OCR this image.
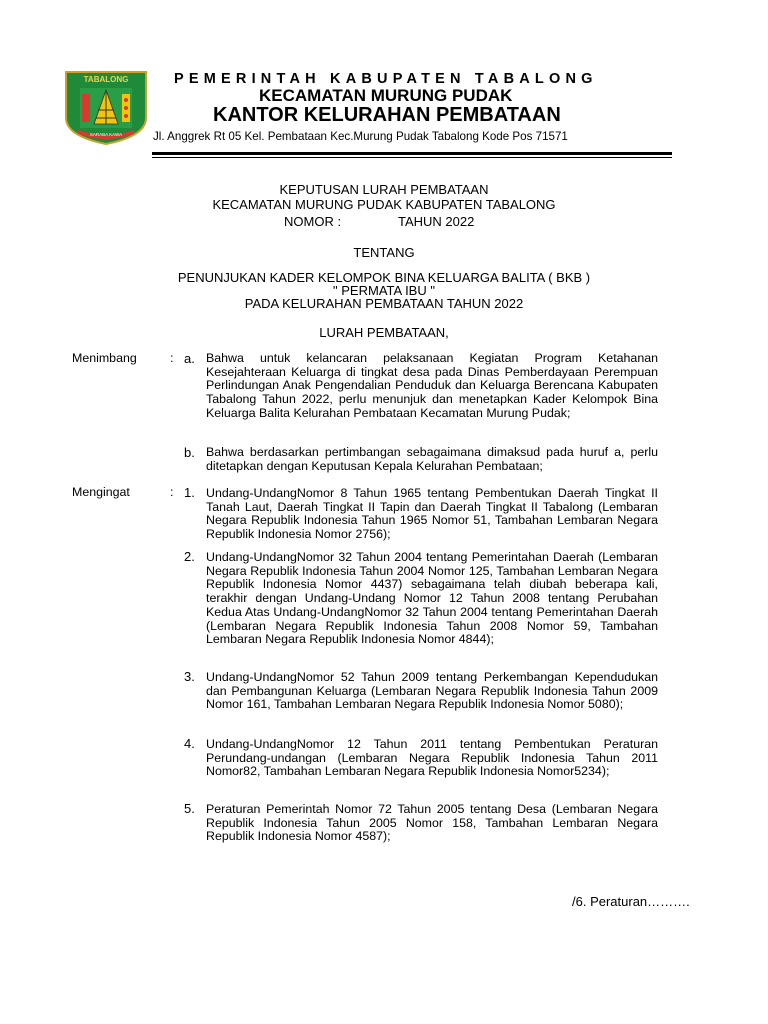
TABALONG
SARABA KAWA
PEMERINTAH KABUPATEN TABALONG
KECAMATAN MURUNG PUDAK
KANTOR KELURAHAN PEMBATAAN
Jl. Anggrek Rt 05 Kel. Pembataan Kec.Murung Pudak Tabalong Kode Pos 71571
KEPUTUSAN LURAH PEMBATAAN
KECAMATAN MURUNG PUDAK KABUPATEN TABALONG
NOMOR :	TAHUN 2022
TENTANG
PENUNJUKAN KADER KELOMPOK BINA KELUARGA BALITA ( BKB )
" PERMATA IBU "
PADA KELURAHAN PEMBATAAN TAHUN 2022
LURAH PEMBATAAN,
Menimbang	: a. Bahwa untuk kelancaran pelaksanaan Kegiatan Program Ketahanan Kesejahteraan Keluarga di tingkat desa pada Dinas Pemberdayaan Perempuan Perlindungan Anak Pengendalian Penduduk dan Keluarga Berencana Kabupaten Tabalong Tahun 2022, perlu menunjuk dan menetapkan Kader Kelompok Bina Keluarga Balita Kelurahan Pembataan Kecamatan Murung Pudak;
b. Bahwa berdasarkan pertimbangan sebagaimana dimaksud pada huruf a, perlu ditetapkan dengan Keputusan Kepala Kelurahan Pembataan;
Mengingat	: 1. Undang-UndangNomor 8 Tahun 1965 tentang Pembentukan Daerah Tingkat II Tanah Laut, Daerah Tingkat II Tapin dan Daerah Tingkat II Tabalong (Lembaran Negara Republik Indonesia Tahun 1965 Nomor 51, Tambahan Lembaran Negara Republik Indonesia Nomor 2756);
2. Undang-UndangNomor 32 Tahun 2004 tentang Pemerintahan Daerah (Lembaran Negara Republik Indonesia Tahun 2004 Nomor 125, Tambahan Lembaran Negara Republik Indonesia Nomor 4437) sebagaimana telah diubah beberapa kali, terakhir dengan Undang-Undang Nomor 12 Tahun 2008 tentang Perubahan Kedua Atas Undang-UndangNomor 32 Tahun 2004 tentang Pemerintahan Daerah (Lembaran Negara Republik Indonesia Tahun 2008 Nomor 59, Tambahan Lembaran Negara Republik Indonesia Nomor 4844);
3. Undang-UndangNomor 52 Tahun 2009 tentang Perkembangan Kependudukan dan Pembangunan Keluarga (Lembaran Negara Republik Indonesia Tahun 2009 Nomor 161, Tambahan Lembaran Negara Republik Indonesia Nomor 5080);
4. Undang-UndangNomor 12 Tahun 2011 tentang Pembentukan Peraturan Perundang-undangan (Lembaran Negara Republik Indonesia Tahun 2011 Nomor82, Tambahan Lembaran Negara Republik Indonesia Nomor5234);
5. Peraturan Pemerintah Nomor 72 Tahun 2005 tentang Desa (Lembaran Negara Republik Indonesia Tahun 2005 Nomor 158, Tambahan Lembaran Negara Republik Indonesia Nomor 4587);
/6. Peraturan……….
